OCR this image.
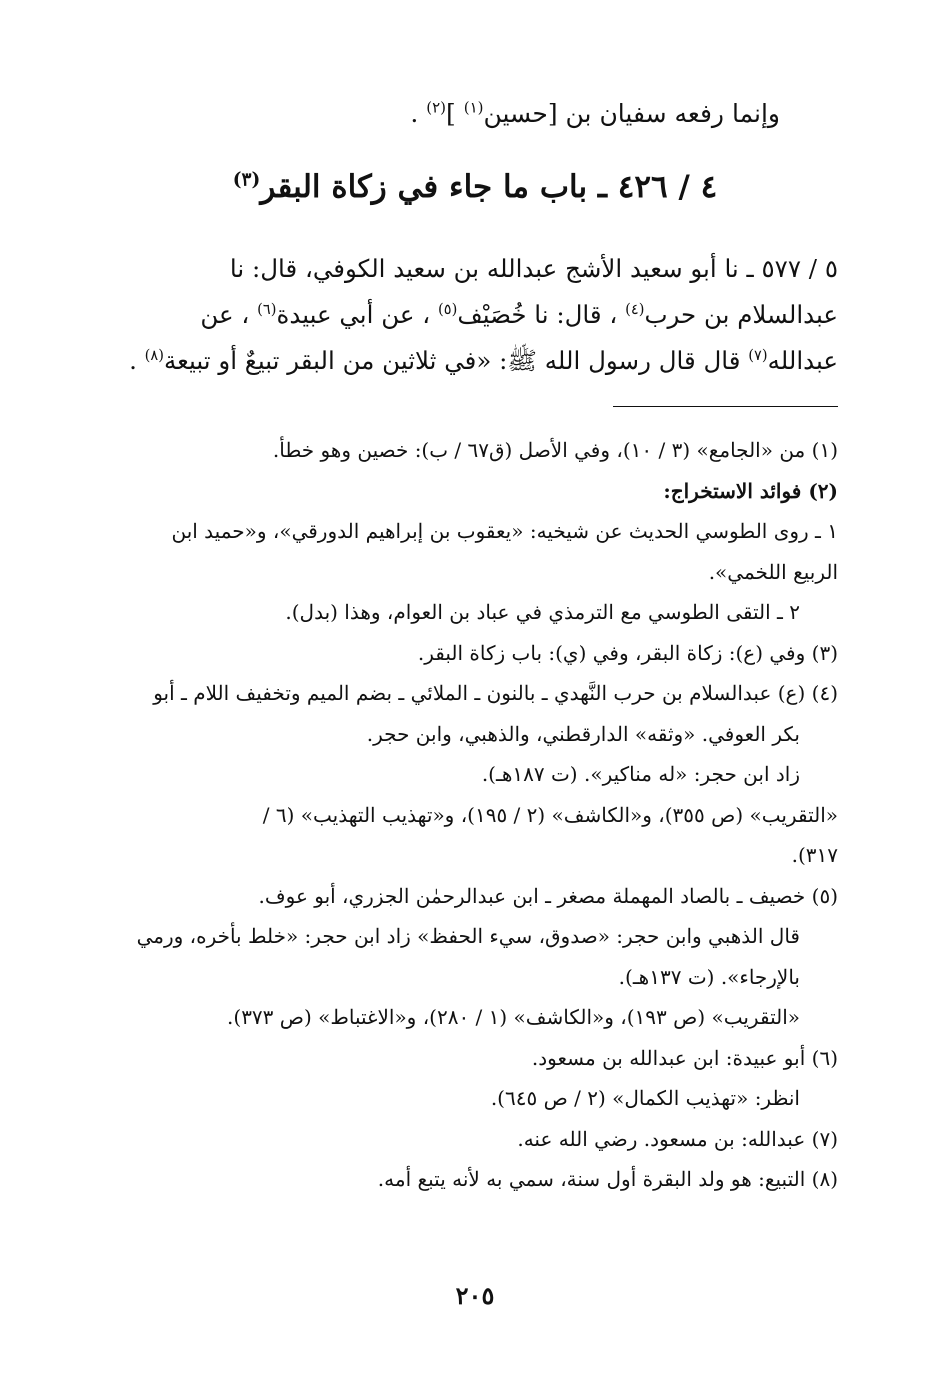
وإنما رفعه سفيان بن [حسين$^{(١)}$ ]$^{(٢)}$ .

٤ / ٤٢٦ ـ باب ما جاء في زكاة البقر$^{(٣)}$
٥ / ٥٧٧ ـ نا أبو سعيد الأشج عبدالله بن سعيد الكوفي، قال: نا
عبدالسلام بن حرب$^{(٤)}$ ، قال: نا خُصَيْف$^{(٥)}$ ، عن أبي عبيدة$^{(٦)}$ ، عن
عبدالله$^{(٧)}$ قال قال رسول الله ﷺ: «في ثلاثين من البقر تبيعٌ أو تبيعة$^{(٨)}$ .
(١) من «الجامع» (٣ / ١٠)، وفي الأصل (ق٦٧ / ب): خصين وهو خطأ.
(٢) فوائد الاستخراج:
١ ـ روى الطوسي الحديث عن شيخيه: «يعقوب بن إبراهيم الدورقي»، و«حميد ابن
الربيع اللخمي».
٢ ـ التقى الطوسي مع الترمذي في عباد بن العوام، وهذا (بدل).
(٣) وفي (ع): زكاة البقر، وفي (ي): باب زكاة البقر.
(٤) (ع) عبدالسلام بن حرب النَّهدي ـ بالنون ـ الملائي ـ بضم الميم وتخفيف اللام ـ أبو
بكر العوفي. «وثقه» الدارقطني، والذهبي، وابن حجر.
زاد ابن حجر: «له مناكير». (ت ١٨٧هـ).
«التقريب» (ص ٣٥٥)، و«الكاشف» (٢ / ١٩٥)، و«تهذيب التهذيب» (٦ /
٣١٧).
(٥) خصيف ـ بالصاد المهملة مصغر ـ ابن عبدالرحمٰن الجزري، أبو عوف.
قال الذهبي وابن حجر: «صدوق، سيء الحفظ» زاد ابن حجر: «خلط بأخره، ورمي
بالإرجاء». (ت ١٣٧هـ).
«التقريب» (ص ١٩٣)، و«الكاشف» (١ / ٢٨٠)، و«الاغتباط» (ص ٣٧٣).
(٦) أبو عبيدة: ابن عبدالله بن مسعود.
انظر: «تهذيب الكمال» (٢ / ص ٦٤٥).
(٧) عبدالله: بن مسعود. رضي الله عنه.
(٨) التبيع: هو ولد البقرة أول سنة، سمي به لأنه يتبع أمه.
٢٠٥
